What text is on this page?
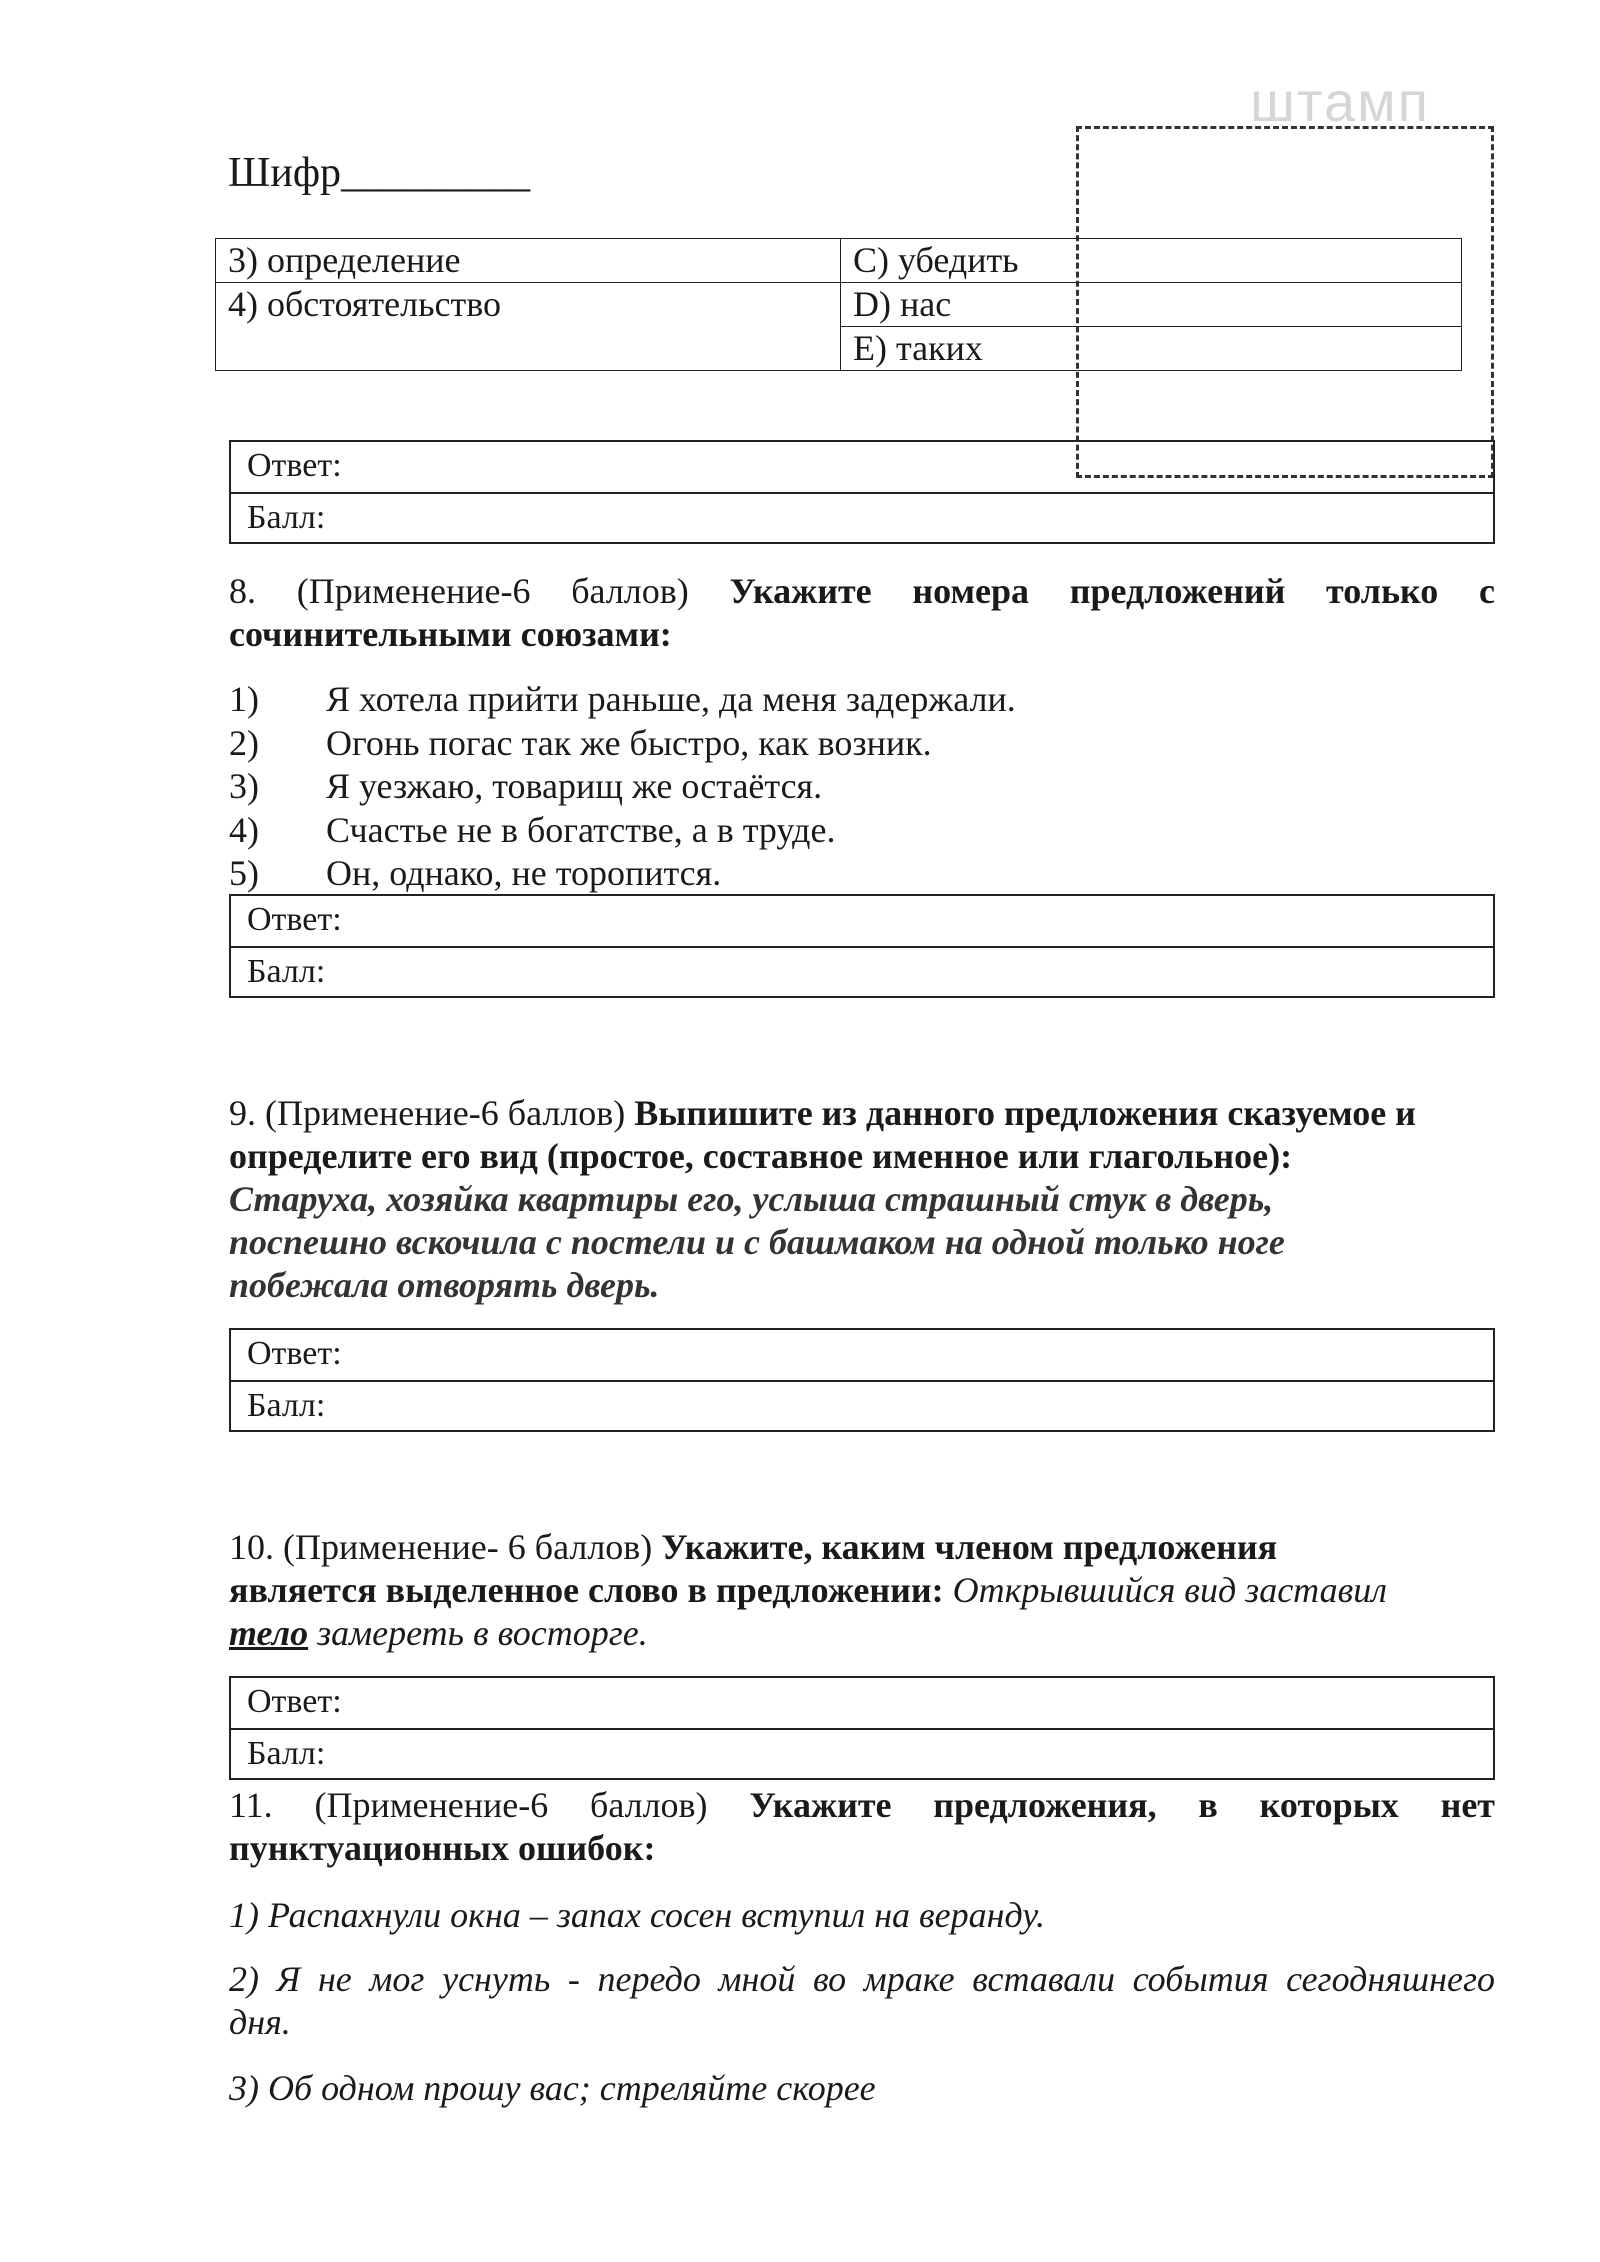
штамп
Шифр_________
3) определение	C) убедить
4) обстоятельство	D) нас
	E) таких
Ответ:
Балл:
8. (Применение-6 баллов) Укажите номера предложений только с
сочинительными союзами:
1)	Я хотела прийти раньше, да меня задержали.
2)	Огонь погас так же быстро, как возник.
3)	Я уезжаю, товарищ же остаётся.
4)	Счастье не в богатстве, а в труде.
5)	Он, однако, не торопится.
Ответ:
Балл:
9. (Применение-6 баллов) Выпишите из данного предложения сказуемое и
определите его вид (простое, составное именное или глагольное):
Старуха, хозяйка квартиры его, услыша страшный стук в дверь,
поспешно вскочила с постели и с башмаком на одной только ноге
побежала отворять дверь.
Ответ:
Балл:
10. (Применение- 6 баллов) Укажите, каким членом предложения
является выделенное слово в предложении: Открывшийся вид заставил
тело замереть в восторге.
Ответ:
Балл:
11. (Применение-6 баллов) Укажите предложения, в которых нет
пунктуационных ошибок:
1) Распахнули окна – запах сосен вступил на веранду.
2) Я не мог уснуть - передо мной во мраке вставали события сегодняшнего
дня.
3) Об одном прошу вас; стреляйте скорее
